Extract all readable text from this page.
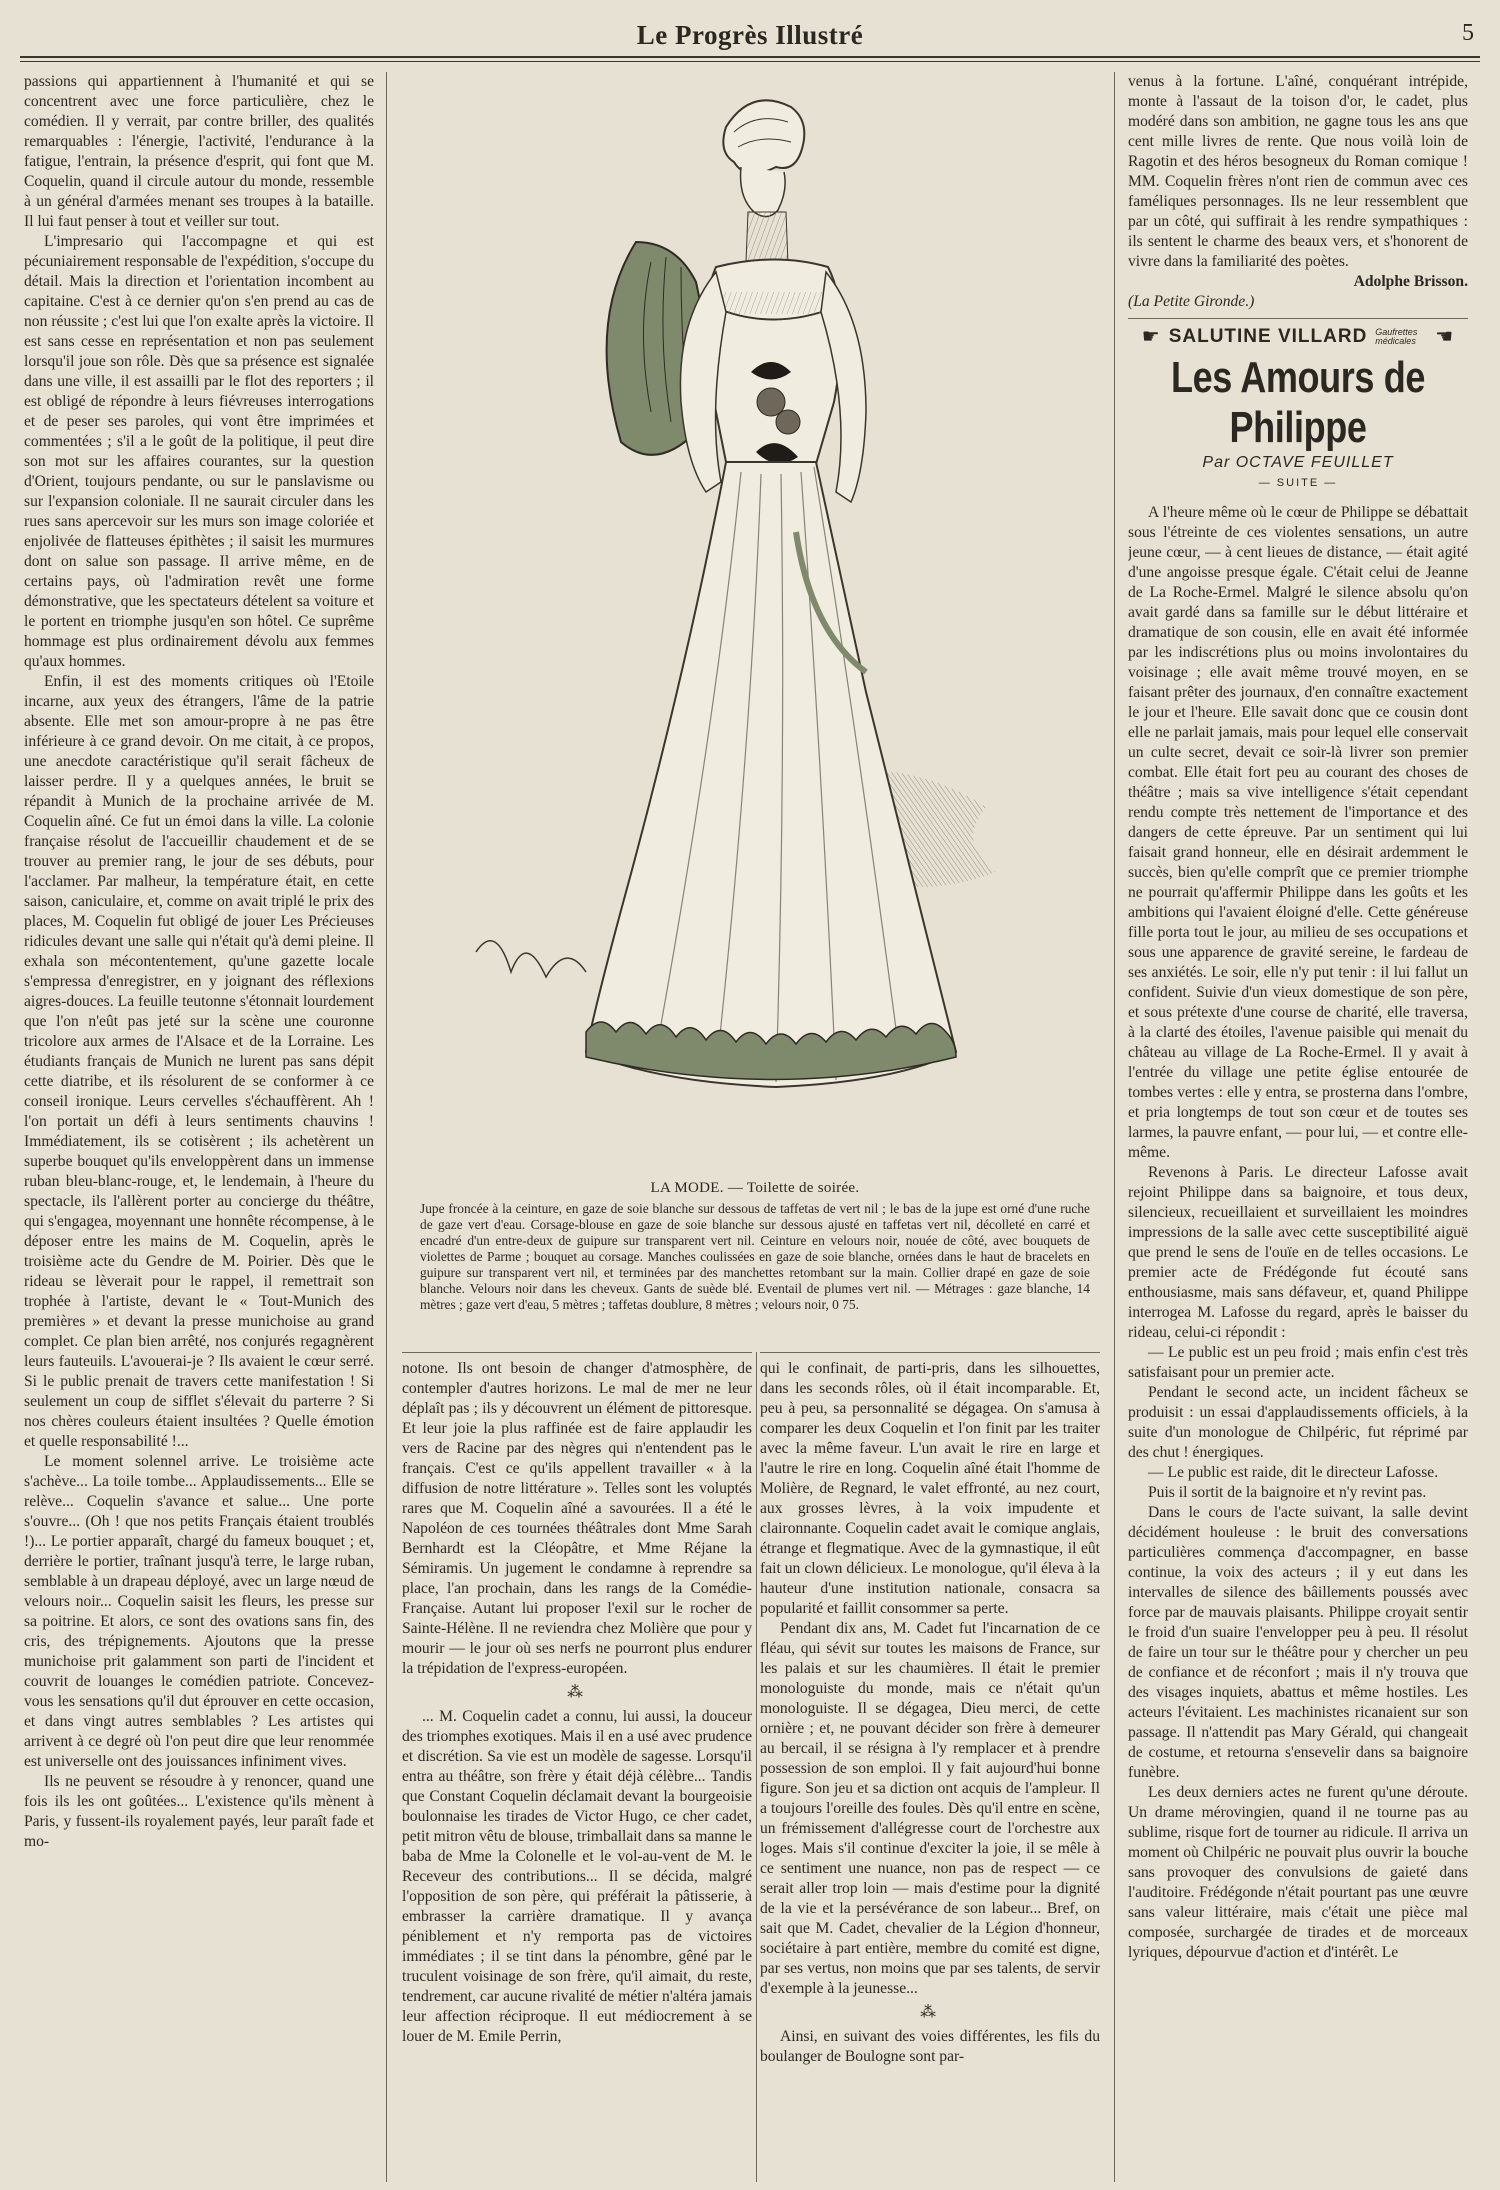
Le Progrès Illustré	5

passions qui appartiennent à l'humanité et qui se concentrent avec une force particulière, chez le comédien. Il y verrait, par contre briller, des qualités remarquables : l'énergie, l'activité, l'endurance à la fatigue, l'entrain, la présence d'esprit, qui font que M. Coquelin, quand il circule autour du monde, ressemble à un général d'armées menant ses troupes à la bataille. Il lui faut penser à tout et veiller sur tout.

L'impresario qui l'accompagne et qui est pécuniairement responsable de l'expédition, s'occupe du détail. Mais la direction et l'orientation incombent au capitaine. C'est à ce dernier qu'on s'en prend au cas de non réussite ; c'est lui que l'on exalte après la victoire. Il est sans cesse en représentation et non pas seulement lorsqu'il joue son rôle. Dès que sa présence est signalée dans une ville, il est assailli par le flot des reporters ; il est obligé de répondre à leurs fiévreuses interrogations et de peser ses paroles, qui vont être imprimées et commentées ; s'il a le goût de la politique, il peut dire son mot sur les affaires courantes, sur la question d'Orient, toujours pendante, ou sur le panslavisme ou sur l'expansion coloniale. Il ne saurait circuler dans les rues sans apercevoir sur les murs son image coloriée et enjolivée de flatteuses épithètes ; il saisit les murmures dont on salue son passage. Il arrive même, en de certains pays, où l'admiration revêt une forme démonstrative, que les spectateurs dételent sa voiture et le portent en triomphe jusqu'en son hôtel. Ce suprême hommage est plus ordinairement dévolu aux femmes qu'aux hommes.

Enfin, il est des moments critiques où l'Etoile incarne, aux yeux des étrangers, l'âme de la patrie absente. Elle met son amour-propre à ne pas être inférieure à ce grand devoir. On me citait, à ce propos, une anecdote caractéristique qu'il serait fâcheux de laisser perdre. Il y a quelques années, le bruit se répandit à Munich de la prochaine arrivée de M. Coquelin aîné. Ce fut un émoi dans la ville. La colonie française résolut de l'accueillir chaudement et de se trouver au premier rang, le jour de ses débuts, pour l'acclamer. Par malheur, la température était, en cette saison, caniculaire, et, comme on avait triplé le prix des places, M. Coquelin fut obligé de jouer Les Précieuses ridicules devant une salle qui n'était qu'à demi pleine. Il exhala son mécontentement, qu'une gazette locale s'empressa d'enregistrer, en y joignant des réflexions aigres-douces. La feuille teutonne s'étonnait lourdement que l'on n'eût pas jeté sur la scène une couronne tricolore aux armes de l'Alsace et de la Lorraine. Les étudiants français de Munich ne lurent pas sans dépit cette diatribe, et ils résolurent de se conformer à ce conseil ironique. Leurs cervelles s'échauffèrent. Ah ! l'on portait un défi à leurs sentiments chauvins ! Immédiatement, ils se cotisèrent ; ils achetèrent un superbe bouquet qu'ils enveloppèrent dans un immense ruban bleu-blanc-rouge, et, le lendemain, à l'heure du spectacle, ils l'allèrent porter au concierge du théâtre, qui s'engagea, moyennant une honnête récompense, à le déposer entre les mains de M. Coquelin, après le troisième acte du Gendre de M. Poirier. Dès que le rideau se lèverait pour le rappel, il remettrait son trophée à l'artiste, devant le « Tout-Munich des premières » et devant la presse munichoise au grand complet. Ce plan bien arrêté, nos conjurés regagnèrent leurs fauteuils. L'avouerai-je ? Ils avaient le cœur serré. Si le public prenait de travers cette manifestation ! Si seulement un coup de sifflet s'élevait du parterre ? Si nos chères couleurs étaient insultées ? Quelle émotion et quelle responsabilité !...

Le moment solennel arrive. Le troisième acte s'achève... La toile tombe... Applaudissements... Elle se relève... Coquelin s'avance et salue... Une porte s'ouvre... (Oh ! que nos petits Français étaient troublés !)... Le portier apparaît, chargé du fameux bouquet ; et, derrière le portier, traînant jusqu'à terre, le large ruban, semblable à un drapeau déployé, avec un large nœud de velours noir... Coquelin saisit les fleurs, les presse sur sa poitrine. Et alors, ce sont des ovations sans fin, des cris, des trépignements. Ajoutons que la presse munichoise prit galamment son parti de l'incident et couvrit de louanges le comédien patriote. Concevez-vous les sensations qu'il dut éprouver en cette occasion, et dans vingt autres semblables ? Les artistes qui arrivent à ce degré où l'on peut dire que leur renommée est universelle ont des jouissances infiniment vives.

Ils ne peuvent se résoudre à y renoncer, quand une fois ils les ont goûtées... L'existence qu'ils mènent à Paris, y fussent-ils royalement payés, leur paraît fade et mo-

LA MODE. — Toilette de soirée.
Jupe froncée à la ceinture, en gaze de soie blanche sur dessous de taffetas de vert nil ; le bas de la jupe est orné d'une ruche de gaze vert d'eau. Corsage-blouse en gaze de soie blanche sur dessous ajusté en taffetas vert nil, décolleté en carré et encadré d'un entre-deux de guipure sur transparent vert nil. Ceinture en velours noir, nouée de côté, avec bouquets de violettes de Parme ; bouquet au corsage. Manches coulissées en gaze de soie blanche, ornées dans le haut de bracelets en guipure sur transparent vert nil, et terminées par des manchettes retombant sur la main. Collier drapé en gaze de soie blanche. Velours noir dans les cheveux. Gants de suède blé. Eventail de plumes vert nil. — Métrages : gaze blanche, 14 mètres ; gaze vert d'eau, 5 mètres ; taffetas doublure, 8 mètres ; velours noir, 0 75.

notone. Ils ont besoin de changer d'atmosphère, de contempler d'autres horizons. Le mal de mer ne leur déplaît pas ; ils y découvrent un élément de pittoresque. Et leur joie la plus raffinée est de faire applaudir les vers de Racine par des nègres qui n'entendent pas le français. C'est ce qu'ils appellent travailler « à la diffusion de notre littérature ». Telles sont les voluptés rares que M. Coquelin aîné a savourées. Il a été le Napoléon de ces tournées théâtrales dont Mme Sarah Bernhardt est la Cléopâtre, et Mme Réjane la Sémiramis. Un jugement le condamne à reprendre sa place, l'an prochain, dans les rangs de la Comédie-Française. Autant lui proposer l'exil sur le rocher de Sainte-Hélène. Il ne reviendra chez Molière que pour y mourir — le jour où ses nerfs ne pourront plus endurer la trépidation de l'express-européen.

⁂

... M. Coquelin cadet a connu, lui aussi, la douceur des triomphes exotiques. Mais il en a usé avec prudence et discrétion. Sa vie est un modèle de sagesse. Lorsqu'il entra au théâtre, son frère y était déjà célèbre... Tandis que Constant Coquelin déclamait devant la bourgeoisie boulonnaise les tirades de Victor Hugo, ce cher cadet, petit mitron vêtu de blouse, trimballait dans sa manne le baba de Mme la Colonelle et le vol-au-vent de M. le Receveur des contributions... Il se décida, malgré l'opposition de son père, qui préférait la pâtisserie, à embrasser la carrière dramatique. Il y avança péniblement et n'y remporta pas de victoires immédiates ; il se tint dans la pénombre, gêné par le truculent voisinage de son frère, qu'il aimait, du reste, tendrement, car aucune rivalité de métier n'altéra jamais leur affection réciproque. Il eut médiocrement à se louer de M. Emile Perrin,

qui le confinait, de parti-pris, dans les silhouettes, dans les seconds rôles, où il était incomparable. Et, peu à peu, sa personnalité se dégagea. On s'amusa à comparer les deux Coquelin et l'on finit par les traiter avec la même faveur. L'un avait le rire en large et l'autre le rire en long. Coquelin aîné était l'homme de Molière, de Regnard, le valet effronté, au nez court, aux grosses lèvres, à la voix impudente et claironnante. Coquelin cadet avait le comique anglais, étrange et flegmatique. Avec de la gymnastique, il eût fait un clown délicieux. Le monologue, qu'il éleva à la hauteur d'une institution nationale, consacra sa popularité et faillit consommer sa perte.

Pendant dix ans, M. Cadet fut l'incarnation de ce fléau, qui sévit sur toutes les maisons de France, sur les palais et sur les chaumières. Il était le premier monologuiste du monde, mais ce n'était qu'un monologuiste. Il se dégagea, Dieu merci, de cette ornière ; et, ne pouvant décider son frère à demeurer au bercail, il se résigna à l'y remplacer et à prendre possession de son emploi. Il y fait aujourd'hui bonne figure. Son jeu et sa diction ont acquis de l'ampleur. Il a toujours l'oreille des foules. Dès qu'il entre en scène, un frémissement d'allégresse court de l'orchestre aux loges. Mais s'il continue d'exciter la joie, il se mêle à ce sentiment une nuance, non pas de respect — ce serait aller trop loin — mais d'estime pour la dignité de la vie et la persévérance de son labeur... Bref, on sait que M. Cadet, chevalier de la Légion d'honneur, sociétaire à part entière, membre du comité est digne, par ses vertus, non moins que par ses talents, de servir d'exemple à la jeunesse...

⁂

Ainsi, en suivant des voies différentes, les fils du boulanger de Boulogne sont par-

venus à la fortune. L'aîné, conquérant intrépide, monte à l'assaut de la toison d'or, le cadet, plus modéré dans son ambition, ne gagne tous les ans que cent mille livres de rente. Que nous voilà loin de Ragotin et des héros besogneux du Roman comique ! MM. Coquelin frères n'ont rien de commun avec ces faméliques personnages. Ils ne leur ressemblent que par un côté, qui suffirait à les rendre sympathiques : ils sentent le charme des beaux vers, et s'honorent de vivre dans la familiarité des poètes.

Adolphe Brisson.

(La Petite Gironde.)

☛ SALUTINE VILLARD Gaufrettes médicales ☚
Les Amours de Philippe
Par OCTAVE FEUILLET
— SUITE —

A l'heure même où le cœur de Philippe se débattait sous l'étreinte de ces violentes sensations, un autre jeune cœur, — à cent lieues de distance, — était agité d'une angoisse presque égale. C'était celui de Jeanne de La Roche-Ermel. Malgré le silence absolu qu'on avait gardé dans sa famille sur le début littéraire et dramatique de son cousin, elle en avait été informée par les indiscrétions plus ou moins involontaires du voisinage ; elle avait même trouvé moyen, en se faisant prêter des journaux, d'en connaître exactement le jour et l'heure. Elle savait donc que ce cousin dont elle ne parlait jamais, mais pour lequel elle conservait un culte secret, devait ce soir-là livrer son premier combat. Elle était fort peu au courant des choses de théâtre ; mais sa vive intelligence s'était cependant rendu compte très nettement de l'importance et des dangers de cette épreuve. Par un sentiment qui lui faisait grand honneur, elle en désirait ardemment le succès, bien qu'elle comprît que ce premier triomphe ne pourrait qu'affermir Philippe dans les goûts et les ambitions qui l'avaient éloigné d'elle. Cette généreuse fille porta tout le jour, au milieu de ses occupations et sous une apparence de gravité sereine, le fardeau de ses anxiétés. Le soir, elle n'y put tenir : il lui fallut un confident. Suivie d'un vieux domestique de son père, et sous prétexte d'une course de charité, elle traversa, à la clarté des étoiles, l'avenue paisible qui menait du château au village de La Roche-Ermel. Il y avait à l'entrée du village une petite église entourée de tombes vertes : elle y entra, se prosterna dans l'ombre, et pria longtemps de tout son cœur et de toutes ses larmes, la pauvre enfant, — pour lui, — et contre elle-même.

Revenons à Paris. Le directeur Lafosse avait rejoint Philippe dans sa baignoire, et tous deux, silencieux, recueillaient et surveillaient les moindres impressions de la salle avec cette susceptibilité aiguë que prend le sens de l'ouïe en de telles occasions. Le premier acte de Frédégonde fut écouté sans enthousiasme, mais sans défaveur, et, quand Philippe interrogea M. Lafosse du regard, après le baisser du rideau, celui-ci répondit :

— Le public est un peu froid ; mais enfin c'est très satisfaisant pour un premier acte.

Pendant le second acte, un incident fâcheux se produisit : un essai d'applaudissements officiels, à la suite d'un monologue de Chilpéric, fut réprimé par des chut ! énergiques.

— Le public est raide, dit le directeur Lafosse.

Puis il sortit de la baignoire et n'y revint pas.

Dans le cours de l'acte suivant, la salle devint décidément houleuse : le bruit des conversations particulières commença d'accompagner, en basse continue, la voix des acteurs ; il y eut dans les intervalles de silence des bâillements poussés avec force par de mauvais plaisants. Philippe croyait sentir le froid d'un suaire l'envelopper peu à peu. Il résolut de faire un tour sur le théâtre pour y chercher un peu de confiance et de réconfort ; mais il n'y trouva que des visages inquiets, abattus et même hostiles. Les acteurs l'évitaient. Les machinistes ricanaient sur son passage. Il n'attendit pas Mary Gérald, qui changeait de costume, et retourna s'ensevelir dans sa baignoire funèbre.

Les deux derniers actes ne furent qu'une déroute. Un drame mérovingien, quand il ne tourne pas au sublime, risque fort de tourner au ridicule. Il arriva un moment où Chilpéric ne pouvait plus ouvrir la bouche sans provoquer des convulsions de gaieté dans l'auditoire. Frédégonde n'était pourtant pas une œuvre sans valeur littéraire, mais c'était une pièce mal composée, surchargée de tirades et de morceaux lyriques, dépourvue d'action et d'intérêt. Le
